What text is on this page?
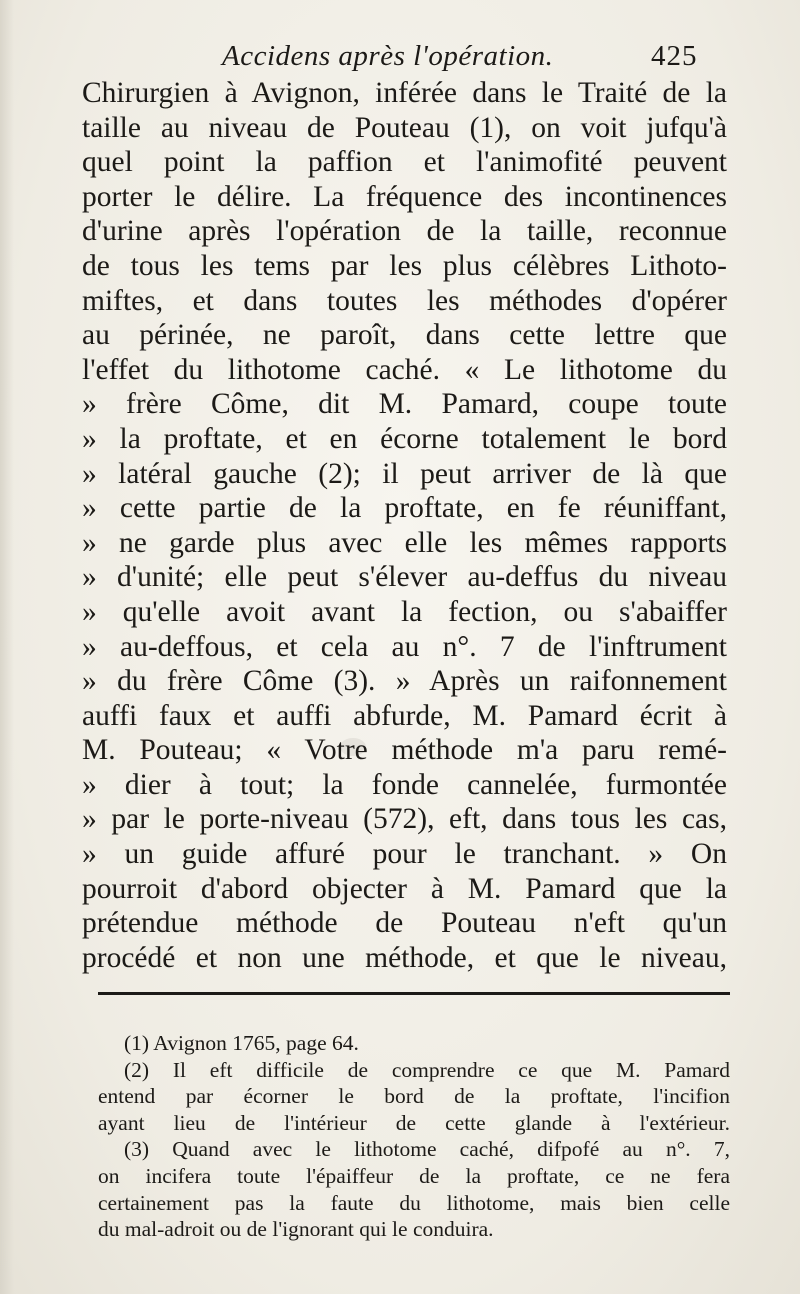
Accidens après l'opération.	425
Chirurgien à Avignon, inférée dans le Traité de la
taille au niveau de Pouteau (1), on voit jufqu'à
quel point la paffion et l'animofité peuvent
porter le délire. La fréquence des incontinences
d'urine après l'opération de la taille, reconnue
de tous les tems par les plus célèbres Lithoto-
miftes, et dans toutes les méthodes d'opérer
au périnée, ne paroît, dans cette lettre que
l'effet du lithotome caché. « Le lithotome du
» frère Côme, dit M. Pamard, coupe toute
» la proftate, et en écorne totalement le bord
» latéral gauche (2); il peut arriver de là que
» cette partie de la proftate, en fe réuniffant,
» ne garde plus avec elle les mêmes rapports
» d'unité; elle peut s'élever au-deffus du niveau
» qu'elle avoit avant la fection, ou s'abaiffer
» au-deffous, et cela au n°. 7 de l'inftrument
» du frère Côme (3). » Après un raifonnement
auffi faux et auffi abfurde, M. Pamard écrit à
M. Pouteau; « Votre méthode m'a paru remé-
» dier à tout; la fonde cannelée, furmontée
» par le porte-niveau (572), eft, dans tous les cas,
» un guide affuré pour le tranchant. » On
pourroit d'abord objecter à M. Pamard que la
prétendue méthode de Pouteau n'eft qu'un
procédé et non une méthode, et que le niveau,
(1) Avignon 1765, page 64.
(2) Il eft difficile de comprendre ce que M. Pamard
entend par écorner le bord de la proftate, l'incifion
ayant lieu de l'intérieur de cette glande à l'extérieur.
(3) Quand avec le lithotome caché, difpofé au n°. 7,
on incifera toute l'épaiffeur de la proftate, ce ne fera
certainement pas la faute du lithotome, mais bien celle
du mal-adroit ou de l'ignorant qui le conduira.
